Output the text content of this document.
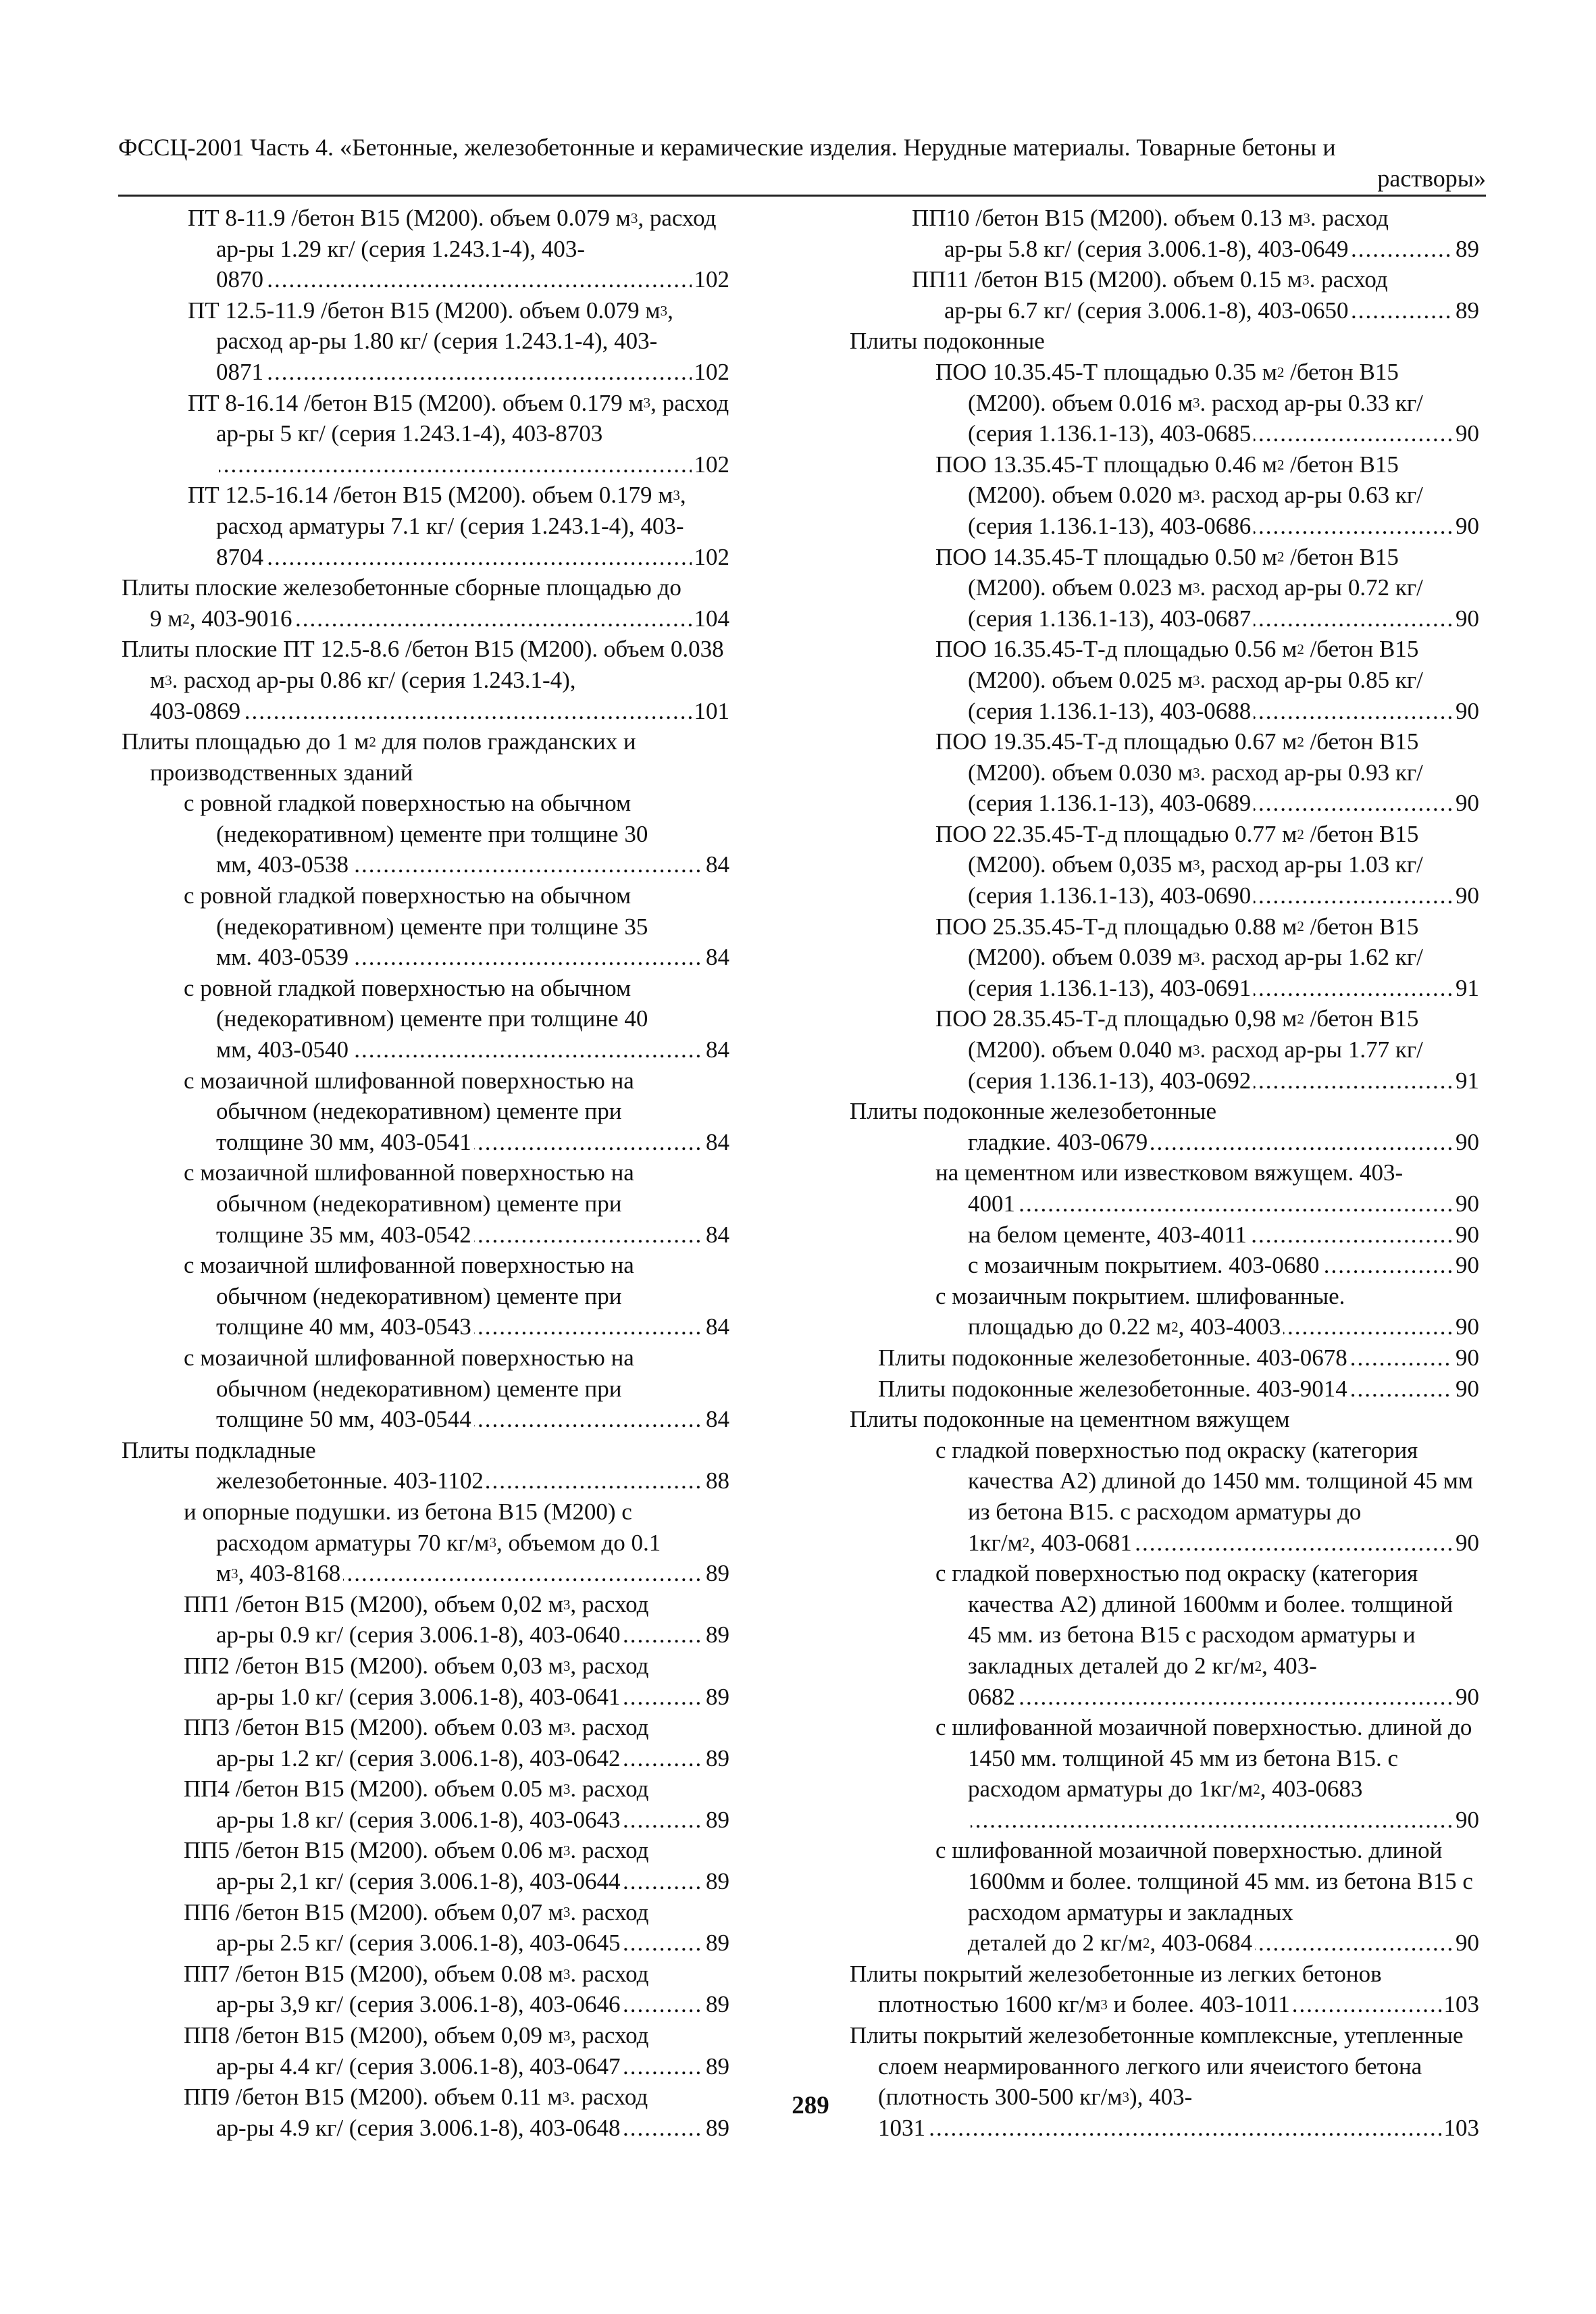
ФССЦ-2001 Часть 4. «Бетонные, железобетонные и керамические изделия. Нерудные материалы. Товарные бетоны и
растворы»
ПТ 8-11.9 /бетон В15 (М200). объем 0.079 $м^3$, расход ар-ры 1.29 кг/ (серия 1.243.1-4), 403-
0870	102
.....
ПТ 12.5-11.9 /бетон В15 (М200). объем 0.079 $м^3$, расход ар-ры 1.80 кг/ (серия 1.243.1-4), 403-
0871	102
.....
ПТ 8-16.14 /бетон В15 (М200). объем 0.179 $м^3$, расход ар-ры 5 кг/ (серия 1.243.1-4), 403-8703
102
.....
ПТ 12.5-16.14 /бетон В15 (М200). объем 0.179 $м^3$, расход арматуры 7.1 кг/ (серия 1.243.1-4), 403-
8704	102
.....
Плиты плоские железобетонные сборные площадью до
9 $м^2$, 403-9016	104
.....
Плиты плоские ПТ 12.5-8.6 /бетон В15 (М200). объем 0.038 $м^3$. расход ар-ры 0.86 кг/ (серия 1.243.1-4),
403-0869	101
.....
Плиты площадью до 1 $м^2$ для полов гражданских и производственных зданий
с ровной гладкой поверхностью на обычном (недекоративном) цементе при толщине 30
мм, 403-0538	84
.....
с ровной гладкой поверхностью на обычном (недекоративном) цементе при толщине 35
мм. 403-0539	84
.....
с ровной гладкой поверхностью на обычном (недекоративном) цементе при толщине 40
мм, 403-0540	84
.....
с мозаичной шлифованной поверхностью на обычном (недекоративном) цементе при
толщине 30 мм, 403-0541	84
.....
с мозаичной шлифованной поверхностью на обычном (недекоративном) цементе при
толщине 35 мм, 403-0542	84
.....
с мозаичной шлифованной поверхностью на обычном (недекоративном) цементе при
толщине 40 мм, 403-0543	84
.....
с мозаичной шлифованной поверхностью на обычном (недекоративном) цементе при
толщине 50 мм, 403-0544	84
.....
Плиты подкладные
железобетонные. 403-1102	88
.....
и опорные подушки. из бетона В15 (М200) с расходом арматуры 70 $кг/м^3$, объемом до 0.1
$м^3$, 403-8168	89
.....
ПП1 /бетон В15 (М200), объем 0,02 $м^3$, расход
ар-ры 0.9 кг/ (серия 3.006.1-8), 403-0640	89
.....
ПП2 /бетон В15 (М200). объем 0,03 $м^3$, расход
ар-ры 1.0 кг/ (серия 3.006.1-8), 403-0641	89
.....
ПП3 /бетон В15 (М200). объем 0.03 $м^3$. расход
ар-ры 1.2 кг/ (серия 3.006.1-8), 403-0642	89
.....
ПП4 /бетон В15 (М200). объем 0.05 $м^3$. расход
ар-ры 1.8 кг/ (серия 3.006.1-8), 403-0643	89
.....
ПП5 /бетон В15 (М200). объем 0.06 $м^3$. расход
ар-ры 2,1 кг/ (серия 3.006.1-8), 403-0644	89
.....
ПП6 /бетон В15 (М200). объем 0,07 $м^3$. расход
ар-ры 2.5 кг/ (серия 3.006.1-8), 403-0645	89
.....
ПП7 /бетон В15 (М200), объем 0.08 $м^3$. расход
ар-ры 3,9 кг/ (серия 3.006.1-8), 403-0646	89
.....
ПП8 /бетон В15 (М200), объем 0,09 $м^3$, расход
ар-ры 4.4 кг/ (серия 3.006.1-8), 403-0647	89
.....
ПП9 /бетон В15 (М200). объем 0.11 $м^3$. расход
ар-ры 4.9 кг/ (серия 3.006.1-8), 403-0648	89
.....
ПП10 /бетон В15 (М200). объем 0.13 $м^3$. расход
ар-ры 5.8 кг/ (серия 3.006.1-8), 403-0649	89
.....
ПП11 /бетон В15 (М200). объем 0.15 $м^3$. расход
ар-ры 6.7 кг/ (серия 3.006.1-8), 403-0650	89
.....
Плиты подоконные
ПОО 10.35.45-Т площадью 0.35 $м^2$ /бетон В15 (М200). объем 0.016 $м^3$. расход ар-ры 0.33 кг/
(серия 1.136.1-13), 403-0685	90
.....
ПОО 13.35.45-Т площадью 0.46 $м^2$ /бетон В15 (М200). объем 0.020 $м^3$. расход ар-ры 0.63 кг/
(серия 1.136.1-13), 403-0686	90
.....
ПОО 14.35.45-Т площадью 0.50 $м^2$ /бетон В15 (М200). объем 0.023 $м^3$. расход ар-ры 0.72 кг/
(серия 1.136.1-13), 403-0687	90
.....
ПОО 16.35.45-Т-д площадью 0.56 $м^2$ /бетон В15 (М200). объем 0.025 $м^3$. расход ар-ры 0.85 кг/
(серия 1.136.1-13), 403-0688	90
.....
ПОО 19.35.45-Т-д площадью 0.67 $м^2$ /бетон В15 (М200). объем 0.030 $м^3$. расход ар-ры 0.93 кг/
(серия 1.136.1-13), 403-0689	90
.....
ПОО 22.35.45-Т-д площадью 0.77 $м^2$ /бетон В15 (М200). объем 0,035 $м^3$, расход ар-ры 1.03 кг/
(серия 1.136.1-13), 403-0690	90
.....
ПОО 25.35.45-Т-д площадью 0.88 $м^2$ /бетон В15 (М200). объем 0.039 $м^3$. расход ар-ры 1.62 кг/
(серия 1.136.1-13), 403-0691	91
.....
ПОО 28.35.45-Т-д площадью 0,98 $м^2$ /бетон В15 (М200). объем 0.040 $м^3$. расход ар-ры 1.77 кг/
(серия 1.136.1-13), 403-0692	91
.....
Плиты подоконные железобетонные
гладкие. 403-0679	90
.....
на цементном или известковом вяжущем. 403-
4001	90
.....
на белом цементе, 403-4011	90
.....
с мозаичным покрытием. 403-0680	90
.....
с мозаичным покрытием. шлифованные.
площадью до 0.22 $м^2$, 403-4003	90
.....
Плиты подоконные железобетонные. 403-0678	90
.....
Плиты подоконные железобетонные. 403-9014	90
.....
Плиты подоконные на цементном вяжущем
с гладкой поверхностью под окраску (категория качества А2) длиной до 1450 мм. толщиной 45 мм из бетона В15. с расходом арматуры до
$1кг/м^2$, 403-0681	90
.....
с гладкой поверхностью под окраску (категория качества А2) длиной 1600мм и более. толщиной 45 мм. из бетона В15 с расходом арматуры и закладных деталей до 2 $кг/м^2$, 403-
0682	90
.....
с шлифованной мозаичной поверхностью. длиной до 1450 мм. толщиной 45 мм из бетона В15. с расходом арматуры до $1кг/м^2$, 403-0683
90
.....
с шлифованной мозаичной поверхностью. длиной 1600мм и более. толщиной 45 мм. из бетона В15 с расходом арматуры и закладных
деталей до 2 $кг/м^2$, 403-0684	90
.....
Плиты покрытий железобетонные из легких бетонов
плотностью 1600 $кг/м^3$ и более. 403-1011	103
.....
Плиты покрытий железобетонные комплексные, утепленные слоем неармированного легкого или ячеистого бетона (плотность 300-500 $кг/м^3$), 403-
1031	103
.....
289
